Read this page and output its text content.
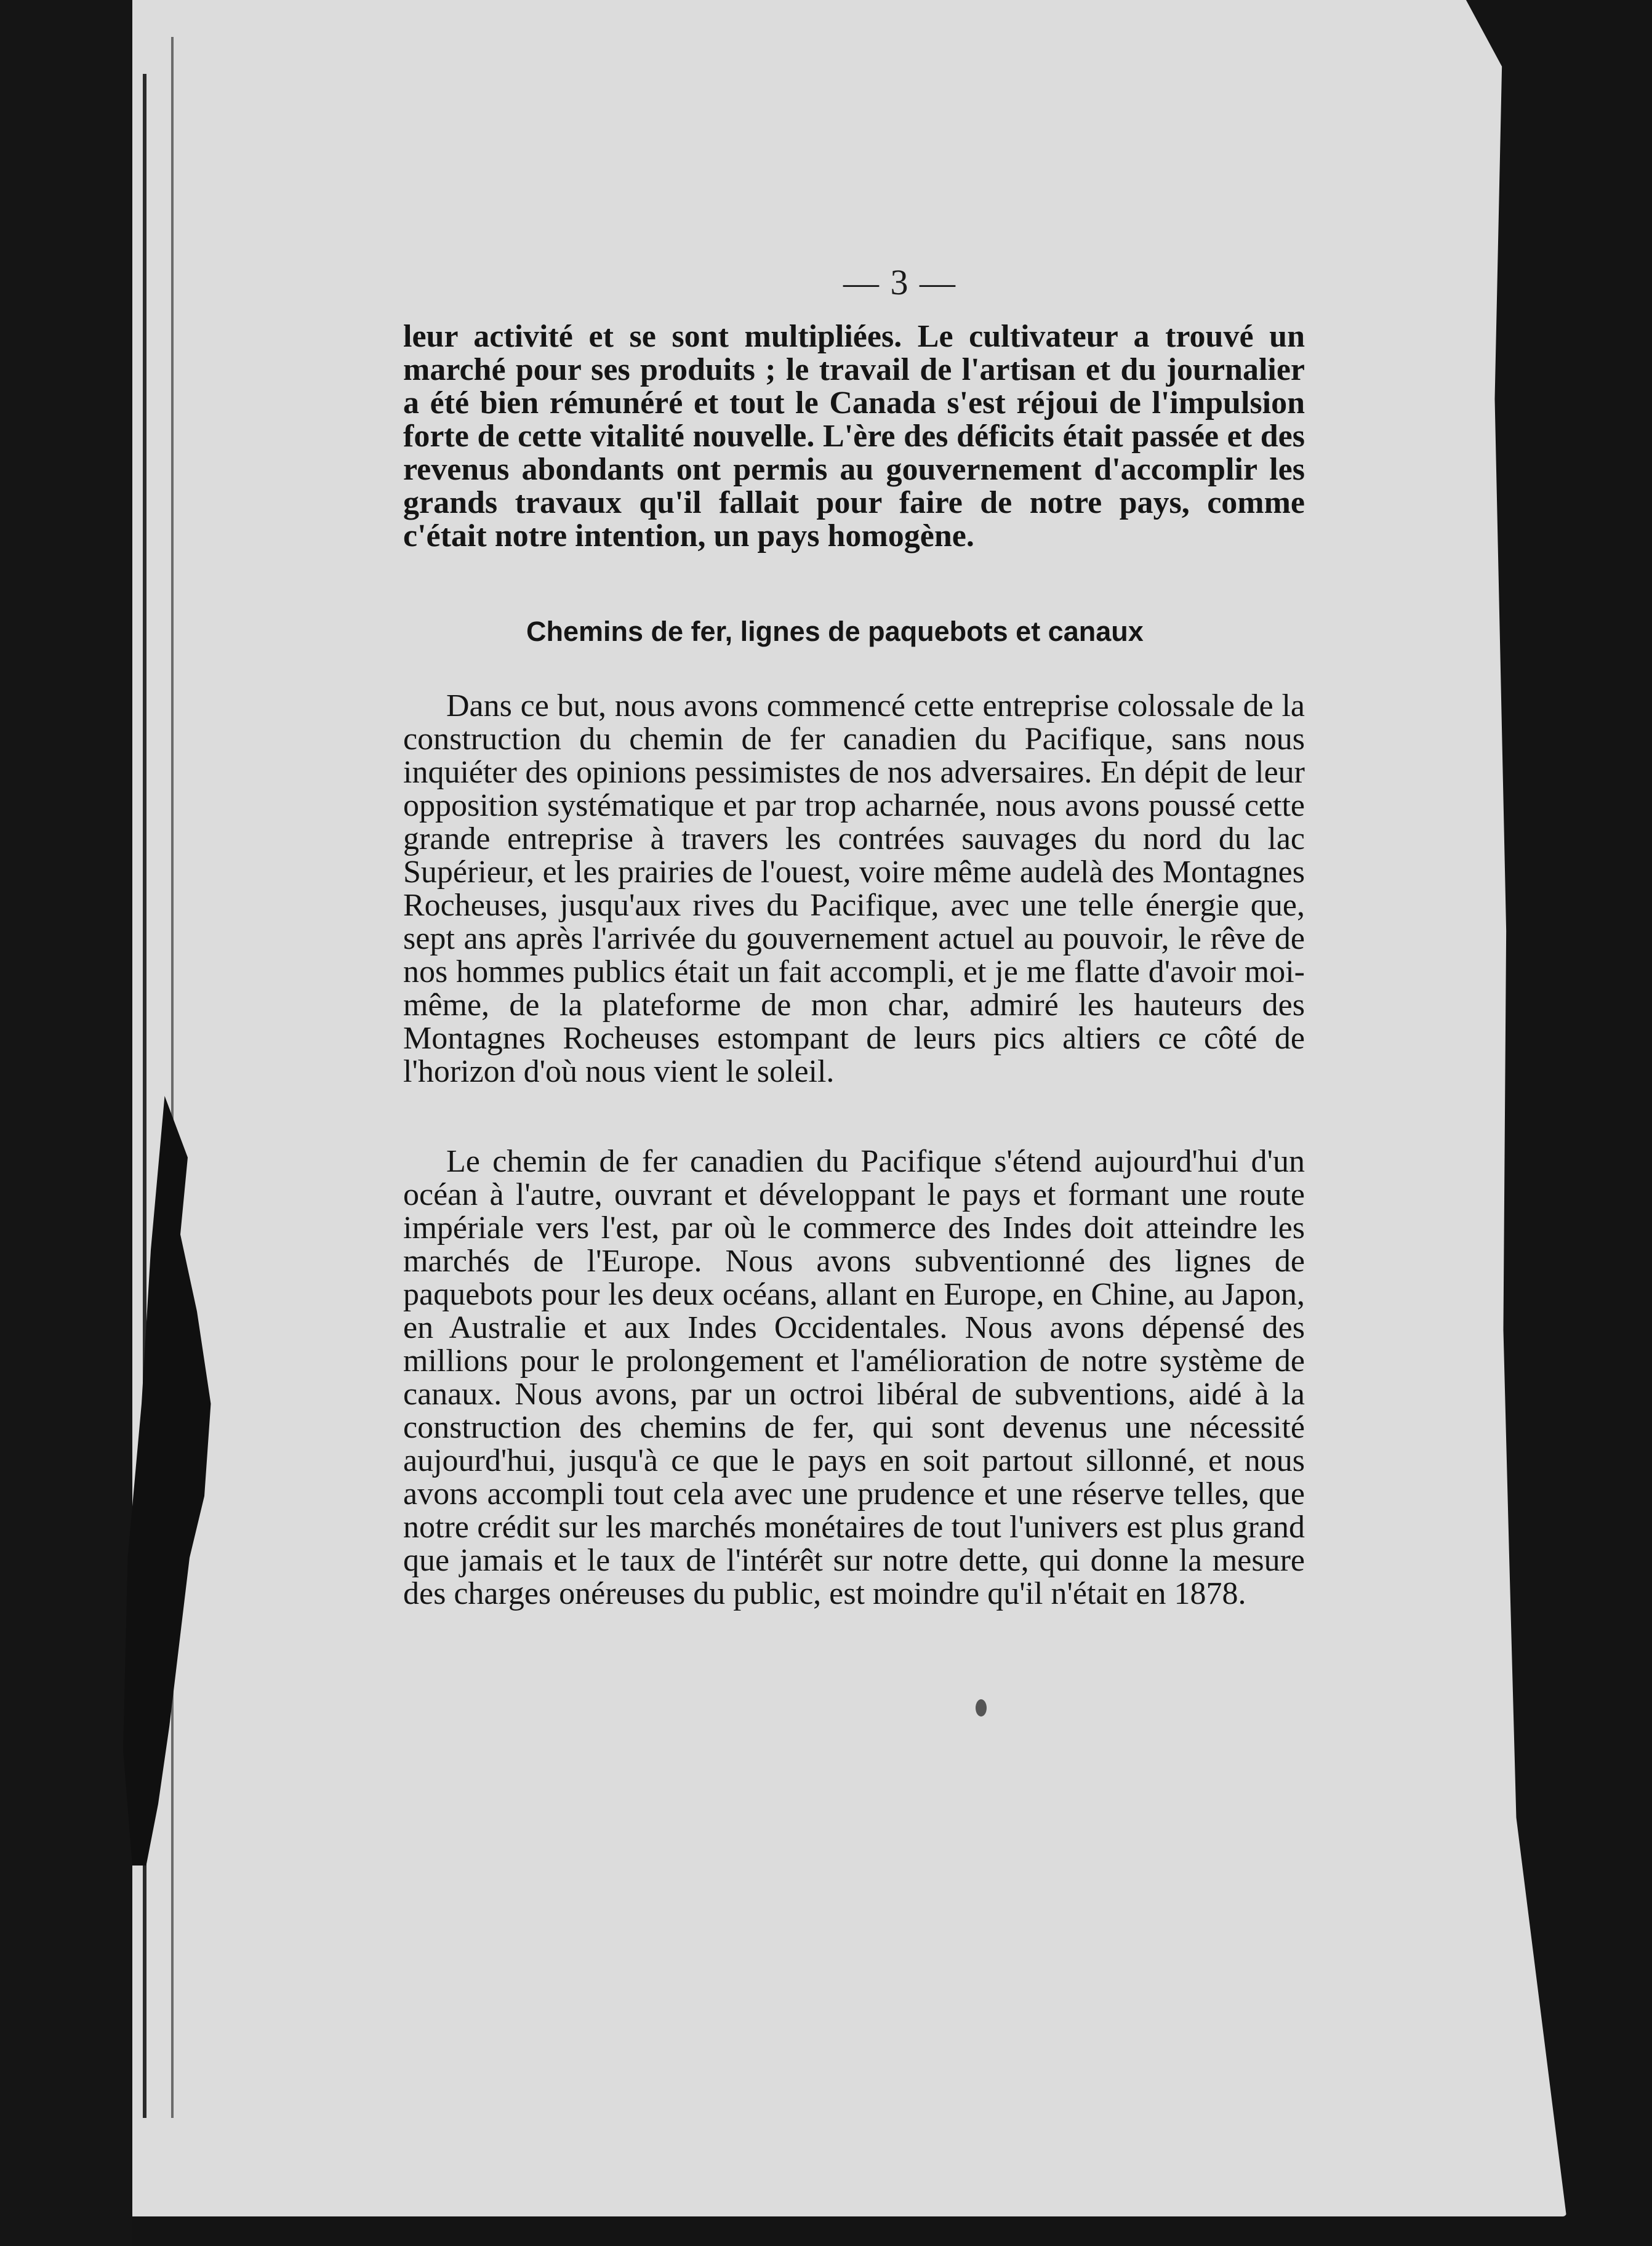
— 3 —

leur activité et se sont multipliées. Le cultivateur a trouvé un marché pour ses produits ; le travail de l'artisan et du journalier a été bien rémunéré et tout le Canada s'est réjoui de l'impulsion forte de cette vitalité nouvelle. L'ère des déficits était passée et des revenus abondants ont permis au gouvernement d'accomplir les grands travaux qu'il fallait pour faire de notre pays, comme c'était notre intention, un pays homogène.

Chemins de fer, lignes de paquebots et canaux

Dans ce but, nous avons commencé cette entreprise colossale de la construction du chemin de fer canadien du Pacifique, sans nous inquiéter des opinions pessimistes de nos adversaires. En dépit de leur opposition systématique et par trop acharnée, nous avons poussé cette grande entreprise à travers les contrées sauvages du nord du lac Supérieur, et les prairies de l'ouest, voire même audelà des Montagnes Rocheuses, jusqu'aux rives du Pacifique, avec une telle énergie que, sept ans après l'arrivée du gouvernement actuel au pouvoir, le rêve de nos hommes publics était un fait accompli, et je me flatte d'avoir moi-même, de la plateforme de mon char, admiré les hauteurs des Montagnes Rocheuses estompant de leurs pics altiers ce côté de l'horizon d'où nous vient le soleil.

Le chemin de fer canadien du Pacifique s'étend aujourd'hui d'un océan à l'autre, ouvrant et développant le pays et formant une route impériale vers l'est, par où le commerce des Indes doit atteindre les marchés de l'Europe. Nous avons subventionné des lignes de paquebots pour les deux océans, allant en Europe, en Chine, au Japon, en Australie et aux Indes Occidentales. Nous avons dépensé des millions pour le prolongement et l'amélioration de notre système de canaux. Nous avons, par un octroi libéral de subventions, aidé à la construction des chemins de fer, qui sont devenus une nécessité aujourd'hui, jusqu'à ce que le pays en soit partout sillonné, et nous avons accompli tout cela avec une prudence et une réserve telles, que notre crédit sur les marchés monétaires de tout l'univers est plus grand que jamais et le taux de l'intérêt sur notre dette, qui donne la mesure des charges onéreuses du public, est moindre qu'il n'était en 1878.
